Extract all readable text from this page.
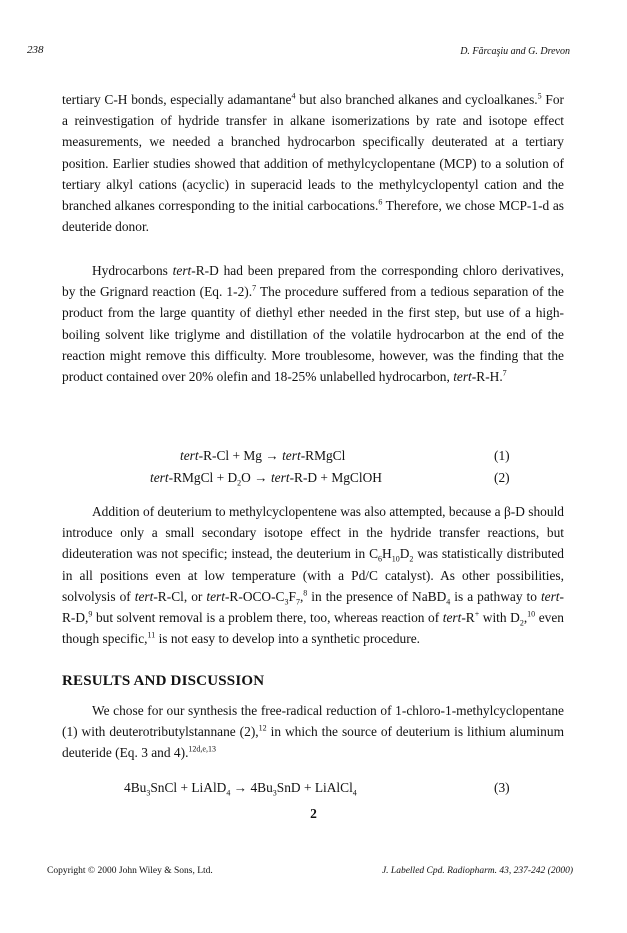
238	D. Fărcaşiu and G. Drevon
tertiary C-H bonds, especially adamantane$^4$ but also branched alkanes and cycloalkanes.$^5$ For a reinvestigation of hydride transfer in alkane isomerizations by rate and isotope effect measurements, we needed a branched hydrocarbon specifically deuterated at a tertiary position. Earlier studies showed that addition of methylcyclopentane (MCP) to a solution of tertiary alkyl cations (acyclic) in superacid leads to the methylcyclopentyl cation and the branched alkanes corresponding to the initial carbocations.$^6$ Therefore, we chose MCP-1-d as deuteride donor.
Hydrocarbons tert-R-D had been prepared from the corresponding chloro derivatives, by the Grignard reaction (Eq. 1-2).$^7$ The procedure suffered from a tedious separation of the product from the large quantity of diethyl ether needed in the first step, but use of a high-boiling solvent like triglyme and distillation of the volatile hydrocarbon at the end of the reaction might remove this difficulty. More troublesome, however, was the finding that the product contained over 20% olefin and 18-25% unlabelled hydrocarbon, tert-R-H.$^7$
tert-R-Cl + Mg → tert-RMgCl	(1)
tert-RMgCl + $D_2O$ → tert-R-D + MgClOH	(2)
Addition of deuterium to methylcyclopentene was also attempted, because a β-D should introduce only a small secondary isotope effect in the hydride transfer reactions, but dideuteration was not specific; instead, the deuterium in $C_6H_{10}D_2$ was statistically distributed in all positions even at low temperature (with a Pd/C catalyst). As other possibilities, solvolysis of tert-R-Cl, or tert-$R-OCO-C_3F_7,^8$ in the presence of NaBD$_4$ is a pathway to tert-R-D,$^9$ but solvent removal is a problem there, too, whereas reaction of tert-R+ with $D_2,^{10}$ even though specific,$^{11}$ is not easy to develop into a synthetic procedure.
RESULTS AND DISCUSSION
We chose for our synthesis the free-radical reduction of 1-chloro-1-methylcyclopentane (1) with deuterotributylstannane (2),$^{12}$ in which the source of deuterium is lithium aluminum deuteride (Eq. 3 and 4).$^{12d,e,13}$
$4Bu_3SnCl$ + LiAlD$_4$ → $4Bu_3SnD$ + LiAlCl$_4$	(3)
2
Copyright © 2000 John Wiley & Sons, Ltd.	J. Labelled Cpd. Radiopharm. 43, 237-242 (2000)
